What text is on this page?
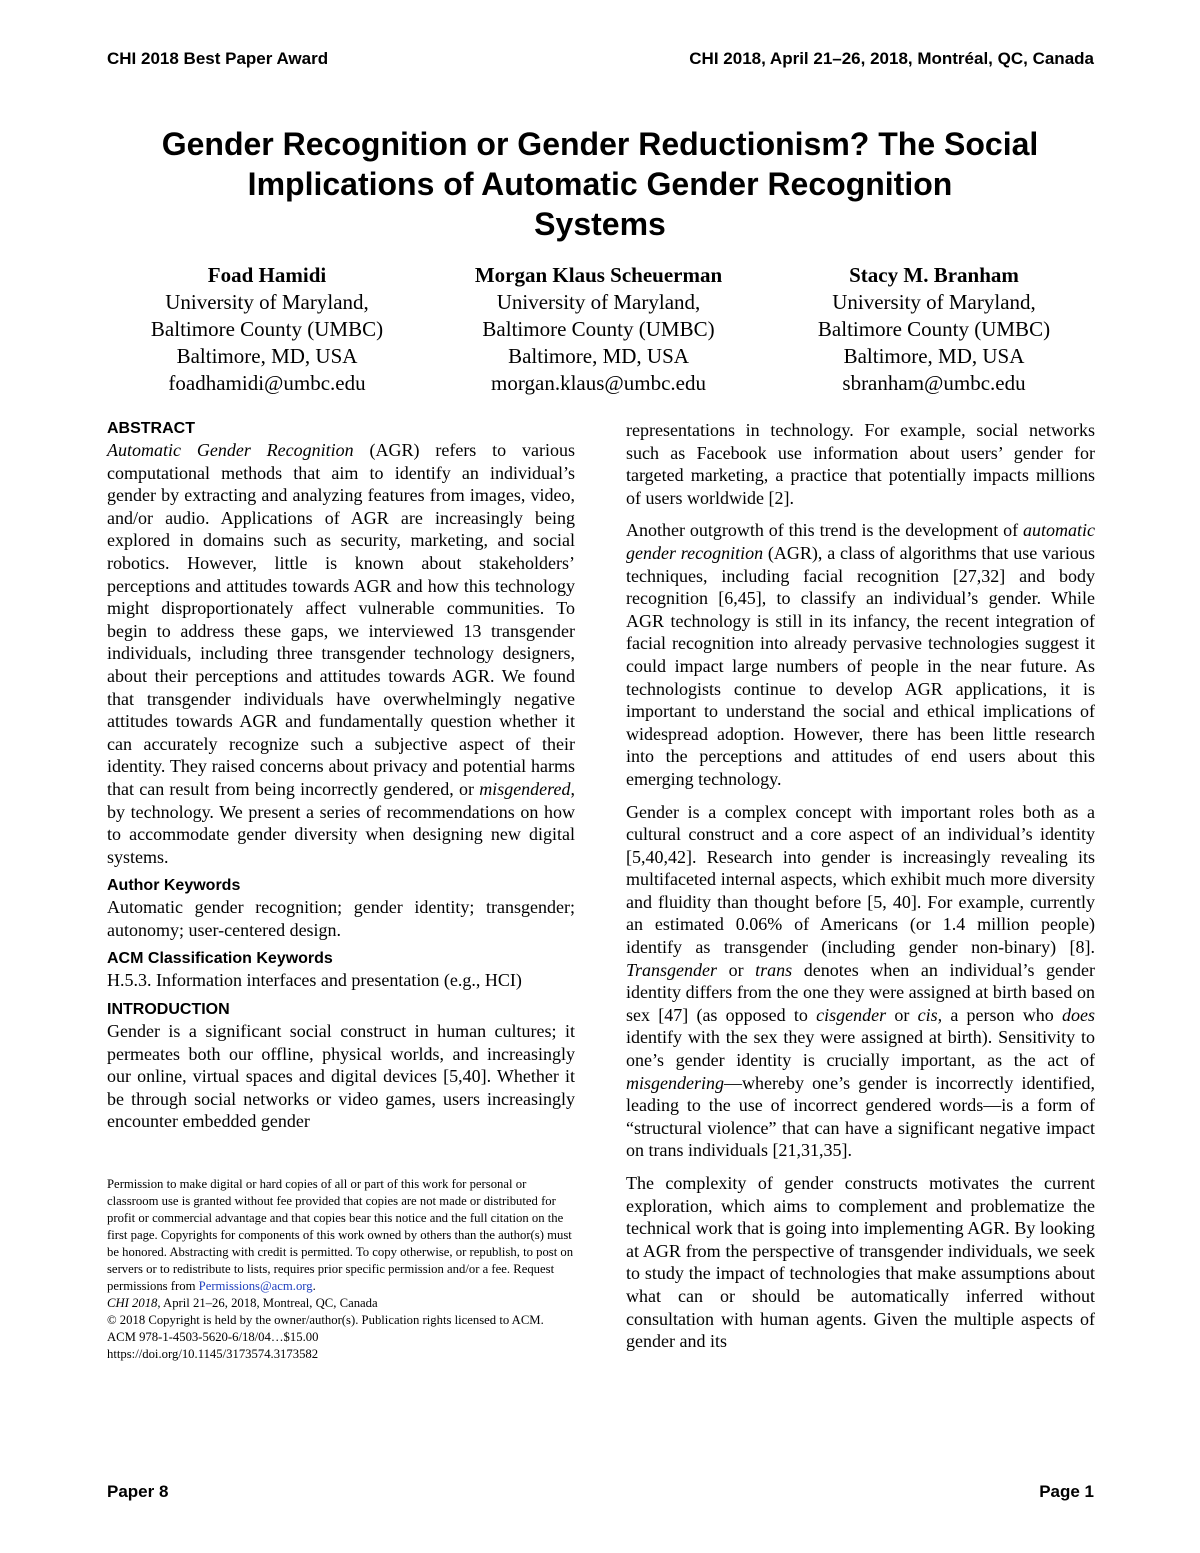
CHI 2018 Best Paper Award	CHI 2018, April 21–26, 2018, Montréal, QC, Canada
Gender Recognition or Gender Reductionism? The Social
Implications of Automatic Gender Recognition
Systems
Foad Hamidi
University of Maryland,
Baltimore County (UMBC)
Baltimore, MD, USA
foadhamidi@umbc.edu
Morgan Klaus Scheuerman
University of Maryland,
Baltimore County (UMBC)
Baltimore, MD, USA
morgan.klaus@umbc.edu
Stacy M. Branham
University of Maryland,
Baltimore County (UMBC)
Baltimore, MD, USA
sbranham@umbc.edu
ABSTRACT

Automatic Gender Recognition (AGR) refers to various computational methods that aim to identify an individual’s gender by extracting and analyzing features from images, video, and/or audio. Applications of AGR are increasingly being explored in domains such as security, marketing, and social robotics. However, little is known about stakeholders’ perceptions and attitudes towards AGR and how this technology might disproportionately affect vulnerable communities. To begin to address these gaps, we interviewed 13 transgender individuals, including three transgender technology designers, about their perceptions and attitudes towards AGR. We found that transgender individuals have overwhelmingly negative attitudes towards AGR and fundamentally question whether it can accurately recognize such a subjective aspect of their identity. They raised concerns about privacy and potential harms that can result from being incorrectly gendered, or misgendered, by technology. We present a series of recommendations on how to accommodate gender diversity when designing new digital systems.

Author Keywords

Automatic gender recognition; gender identity; transgender; autonomy; user-centered design.

ACM Classification Keywords

H.5.3. Information interfaces and presentation (e.g., HCI)

INTRODUCTION

Gender is a significant social construct in human cultures; it permeates both our offline, physical worlds, and increasingly our online, virtual spaces and digital devices [5,40]. Whether it be through social networks or video games, users increasingly encounter embedded gender

Permission to make digital or hard copies of all or part of this work for personal or classroom use is granted without fee provided that copies are not made or distributed for profit or commercial advantage and that copies bear this notice and the full citation on the first page. Copyrights for components of this work owned by others than the author(s) must be honored. Abstracting with credit is permitted. To copy otherwise, or republish, to post on servers or to redistribute to lists, requires prior specific permission and/or a fee. Request permissions from Permissions@acm.org.
CHI 2018, April 21–26, 2018, Montreal, QC, Canada
© 2018 Copyright is held by the owner/author(s). Publication rights licensed to ACM. ACM 978-1-4503-5620-6/18/04…$15.00
https://doi.org/10.1145/3173574.3173582

representations in technology. For example, social networks such as Facebook use information about users’ gender for targeted marketing, a practice that potentially impacts millions of users worldwide [2].

Another outgrowth of this trend is the development of automatic gender recognition (AGR), a class of algorithms that use various techniques, including facial recognition [27,32] and body recognition [6,45], to classify an individual’s gender. While AGR technology is still in its infancy, the recent integration of facial recognition into already pervasive technologies suggest it could impact large numbers of people in the near future. As technologists continue to develop AGR applications, it is important to understand the social and ethical implications of widespread adoption. However, there has been little research into the perceptions and attitudes of end users about this emerging technology.

Gender is a complex concept with important roles both as a cultural construct and a core aspect of an individual’s identity [5,40,42]. Research into gender is increasingly revealing its multifaceted internal aspects, which exhibit much more diversity and fluidity than thought before [5, 40]. For example, currently an estimated 0.06% of Americans (or 1.4 million people) identify as transgender (including gender non-binary) [8]. Transgender or trans denotes when an individual’s gender identity differs from the one they were assigned at birth based on sex [47] (as opposed to cisgender or cis, a person who does identify with the sex they were assigned at birth). Sensitivity to one’s gender identity is crucially important, as the act of misgendering—whereby one’s gender is incorrectly identified, leading to the use of incorrect gendered words––is a form of “structural violence” that can have a significant negative impact on trans individuals [21,31,35].

The complexity of gender constructs motivates the current exploration, which aims to complement and problematize the technical work that is going into implementing AGR. By looking at AGR from the perspective of transgender individuals, we seek to study the impact of technologies that make assumptions about what can or should be automatically inferred without consultation with human agents. Given the multiple aspects of gender and its

Paper 8	Page 1
